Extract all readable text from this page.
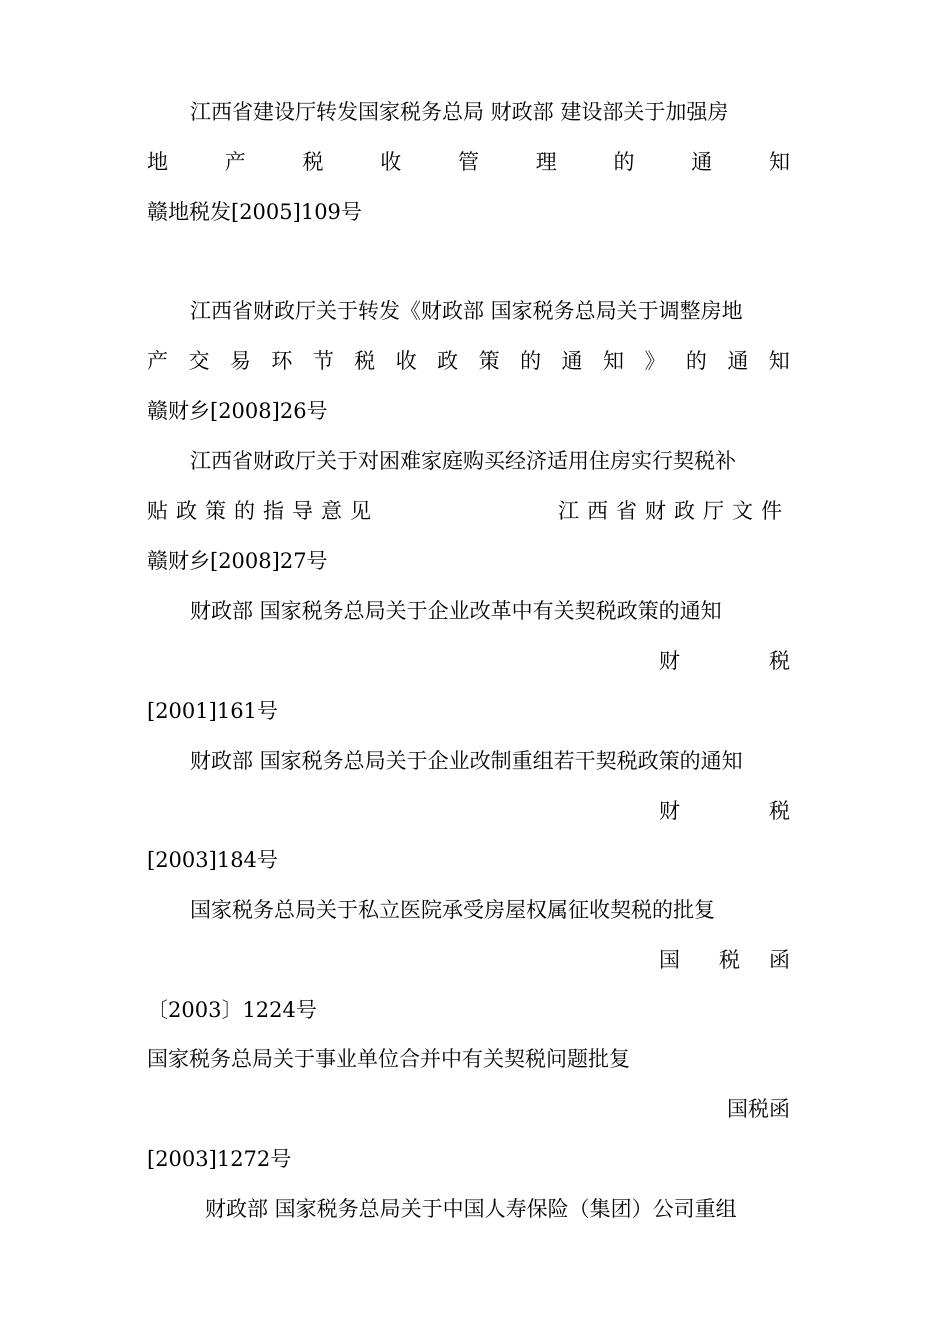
江西省建设厅转发国家税务总局 财政部 建设部关于加强房
地	产	税	收	管	理	的	通	知
赣地税发[2005]109号
江西省财政厅关于转发《财政部 国家税务总局关于调整房地
产 交 易 环 节 税 收 政 策 的 通 知 》 的 通 知
赣财乡[2008]26号
江西省财政厅关于对困难家庭购买经济适用住房实行契税补
贴政策的指导意见	江西省财政厅文件
赣财乡[2008]27号
财政部 国家税务总局关于企业改革中有关契税政策的通知
财	税
[2001]161号
财政部 国家税务总局关于企业改制重组若干契税政策的通知
财	税
[2003]184号
国家税务总局关于私立医院承受房屋权属征收契税的批复
国 税 函
〔2003〕1224号
国家税务总局关于事业单位合并中有关契税问题批复
国税函
[2003]1272号
财政部 国家税务总局关于中国人寿保险（集团）公司重组
